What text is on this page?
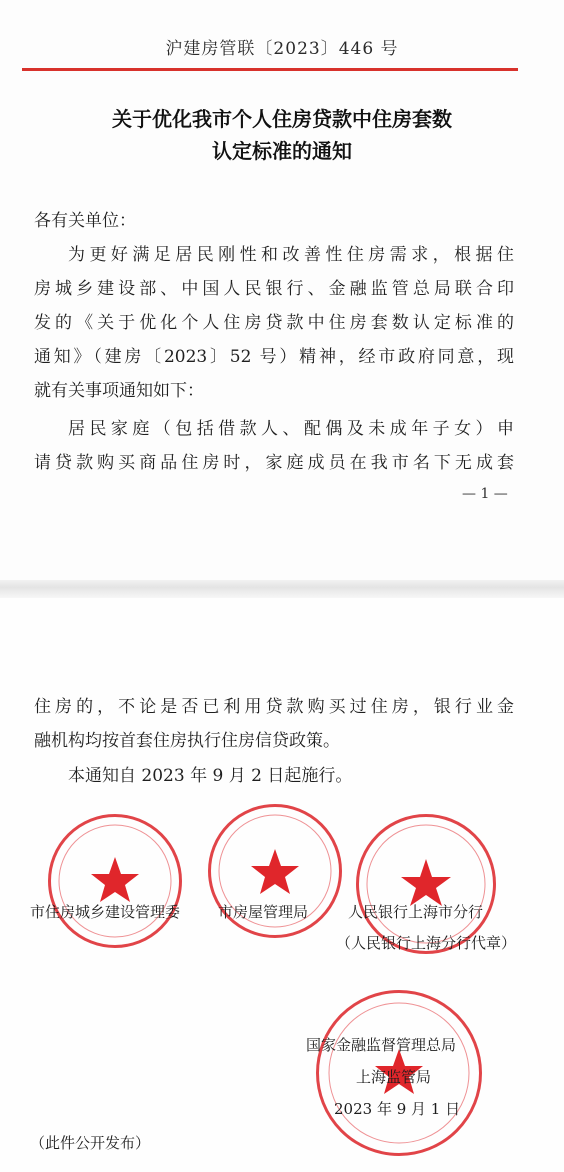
沪建房管联〔2023〕446 号
关于优化我市个人住房贷款中住房套数
认定标准的通知
各有关单位：
为更好满足居民刚性和改善性住房需求，根据住
房城乡建设部、中国人民银行、金融监管总局联合印
发的《关于优化个人住房贷款中住房套数认定标准的
通知》（建房〔2023〕52 号）精神，经市政府同意，现
就有关事项通知如下：
居民家庭（包括借款人、配偶及未成年子女）申
请贷款购买商品住房时，家庭成员在我市名下无成套
— 1 —
住房的，不论是否已利用贷款购买过住房，银行业金
融机构均按首套住房执行住房信贷政策。
本通知自 2023 年 9 月 2 日起施行。
市住房城乡建设管理委	市房屋管理局	人民银行上海市分行
（人民银行上海分行代章）
国家金融监督管理总局
上海监管局
2023 年 9 月 1 日
（此件公开发布）
